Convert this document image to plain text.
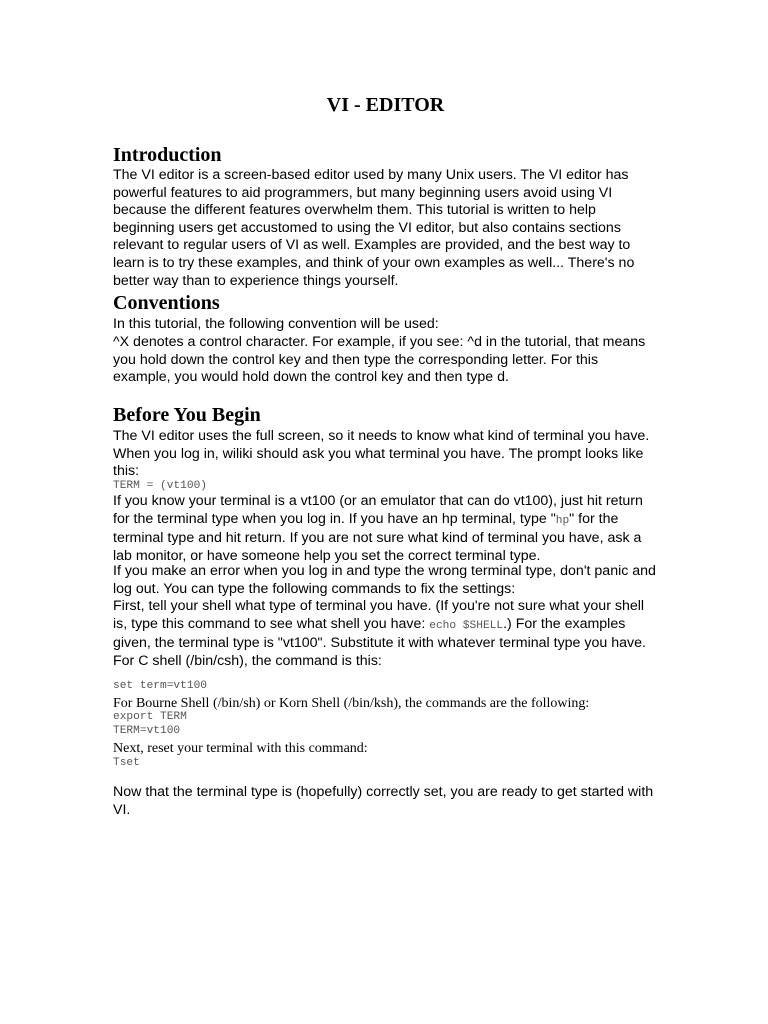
VI - EDITOR
Introduction

The VI editor is a screen-based editor used by many Unix users. The VI editor has powerful features to aid programmers, but many beginning users avoid using VI because the different features overwhelm them. This tutorial is written to help beginning users get accustomed to using the VI editor, but also contains sections relevant to regular users of VI as well. Examples are provided, and the best way to learn is to try these examples, and think of your own examples as well... There's no better way than to experience things yourself.

Conventions

In this tutorial, the following convention will be used:

^X denotes a control character. For example, if you see: ^d in the tutorial, that means you hold down the control key and then type the corresponding letter. For this example, you would hold down the control key and then type d.

Before You Begin

The VI editor uses the full screen, so it needs to know what kind of terminal you have. When you log in, wiliki should ask you what terminal you have. The prompt looks like this:

TERM = (vt100)

If you know your terminal is a vt100 (or an emulator that can do vt100), just hit return for the terminal type when you log in. If you have an hp terminal, type "hp" for the terminal type and hit return. If you are not sure what kind of terminal you have, ask a lab monitor, or have someone help you set the correct terminal type.

If you make an error when you log in and type the wrong terminal type, don't panic and log out. You can type the following commands to fix the settings:

First, tell your shell what type of terminal you have. (If you're not sure what your shell is, type this command to see what shell you have: echo $SHELL.) For the examples given, the terminal type is "vt100". Substitute it with whatever terminal type you have. For C shell (/bin/csh), the command is this:

set term=vt100

For Bourne Shell (/bin/sh) or Korn Shell (/bin/ksh), the commands are the following:

export TERM

TERM=vt100

Next, reset your terminal with this command:

Tset

Now that the terminal type is (hopefully) correctly set, you are ready to get started with VI.
